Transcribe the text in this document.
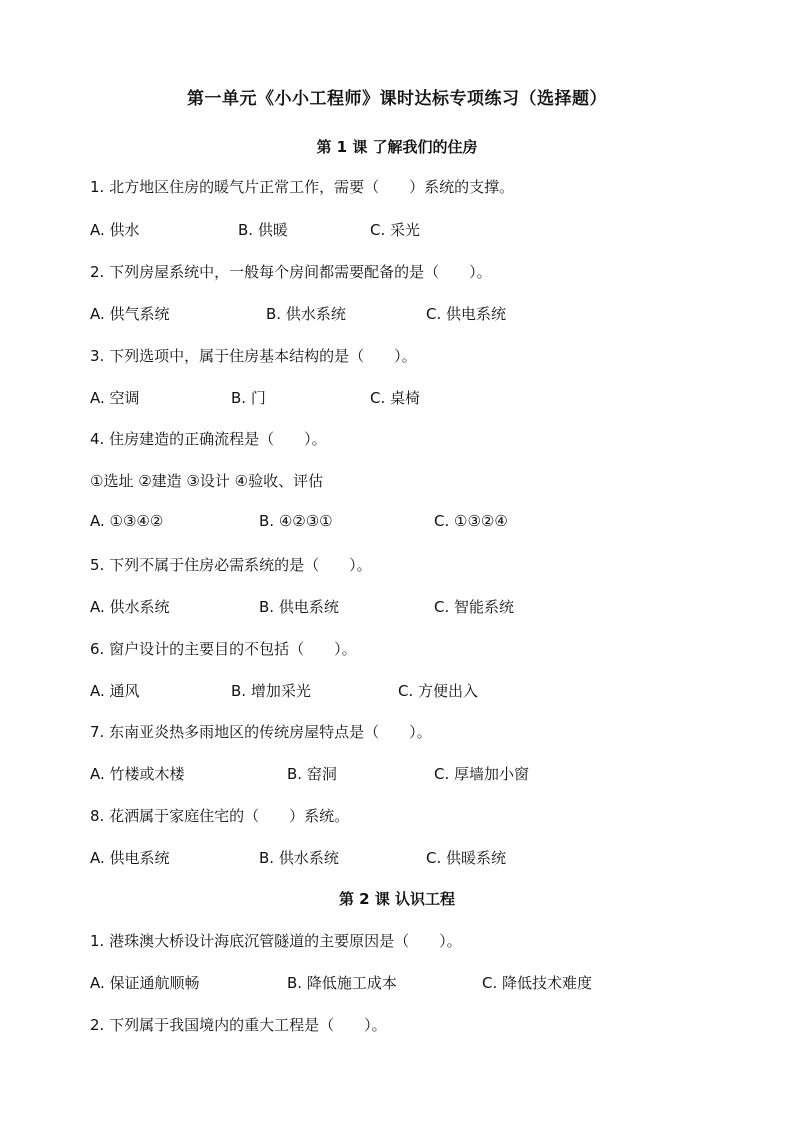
第一单元《小小工程师》课时达标专项练习（选择题）
第 1 课 了解我们的住房
1. 北方地区住房的暖气片正常工作，需要（　　）系统的支撑。
A. 供水	B. 供暖	C. 采光
2. 下列房屋系统中，一般每个房间都需要配备的是（　　）。
A. 供气系统	B. 供水系统	C. 供电系统
3. 下列选项中，属于住房基本结构的是（　　）。
A. 空调	B. 门	C. 桌椅
4. 住房建造的正确流程是（　　）。
①选址 ②建造 ③设计 ④验收、评估
A. ①③④②	B. ④②③①	C. ①③②④
5. 下列不属于住房必需系统的是（　　）。
A. 供水系统	B. 供电系统	C. 智能系统
6. 窗户设计的主要目的不包括（　　）。
A. 通风	B. 增加采光	C. 方便出入
7. 东南亚炎热多雨地区的传统房屋特点是（　　）。
A. 竹楼或木楼	B. 窑洞	C. 厚墙加小窗
8. 花洒属于家庭住宅的（　　）系统。
A. 供电系统	B. 供水系统	C. 供暖系统
第 2 课 认识工程
1. 港珠澳大桥设计海底沉管隧道的主要原因是（　　）。
A. 保证通航顺畅	B. 降低施工成本	C. 降低技术难度
2. 下列属于我国境内的重大工程是（　　）。
